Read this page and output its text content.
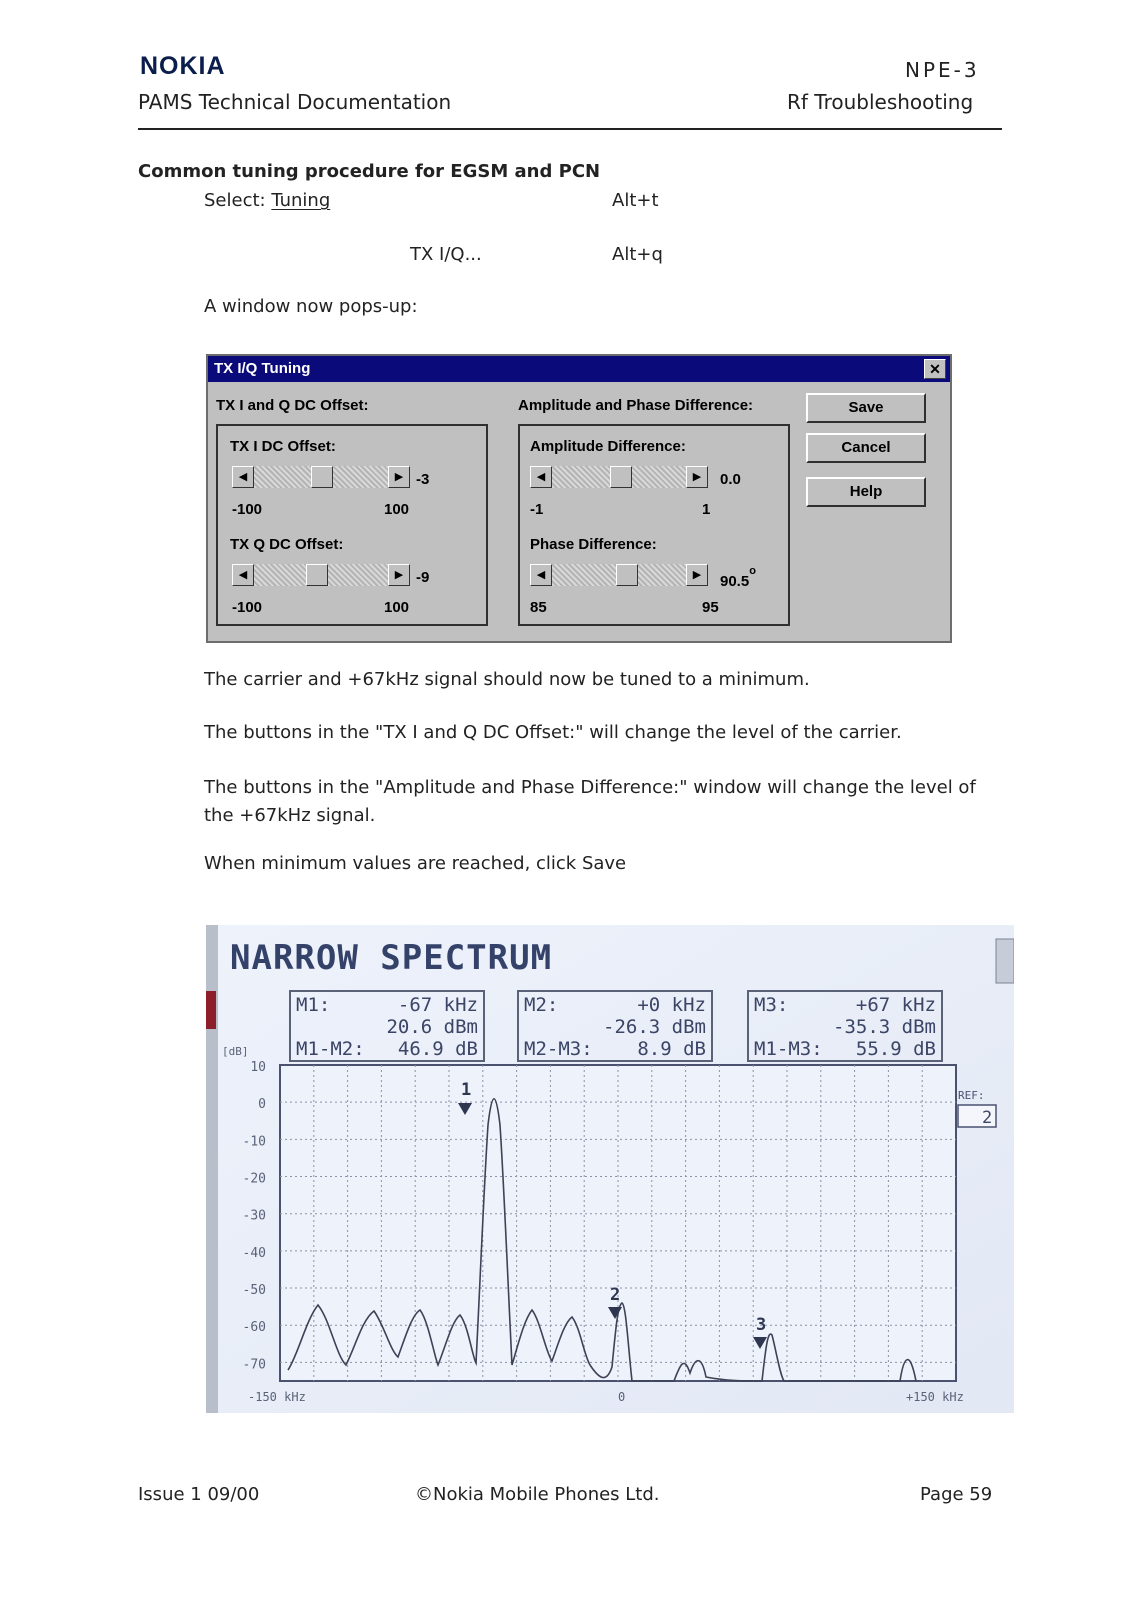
NOKIA	NPE-3
PAMS Technical Documentation	Rf Troubleshooting
Common tuning procedure for EGSM and PCN
Select: Tuning	Alt+t
TX I/Q...	Alt+q
A window now pops-up:
TX I/Q Tuning	✕
TX I and Q DC Offset:	Amplitude and Phase Difference:
TX I DC Offset:
◀	▶ -3
-100	100
TX Q DC Offset:
◀	▶ -9
-100	100
Amplitude Difference:
◀	▶	0.0
-1	1
Phase Difference:
◀	▶	90.5$^o$
85	95
Save
Cancel
Help
The carrier and +67kHz signal should now be tuned to a minimum.
The buttons in the "TX I and Q DC Offset:" will change the level of the carrier.
The buttons in the "Amplitude and Phase Difference:" window will change the level of the +67kHz signal.
When minimum values are reached, click Save
NARROW SPECTRUM
M1:	-67 kHz
20.6 dBm
M1-M2: 46.9 dB
M2:	+0 kHz
-26.3 dBm
M2-M3: 8.9 dB
M3:	+67 kHz
-35.3 dBm
M1-M3: 55.9 dB
[dB]
10
0
-10
-20
-30
-40
-50
-60
-70
-150 kHz	0	+150 kHz
1
2
3
REF:
2
Issue 1 09/00	©Nokia Mobile Phones Ltd.	Page 59
